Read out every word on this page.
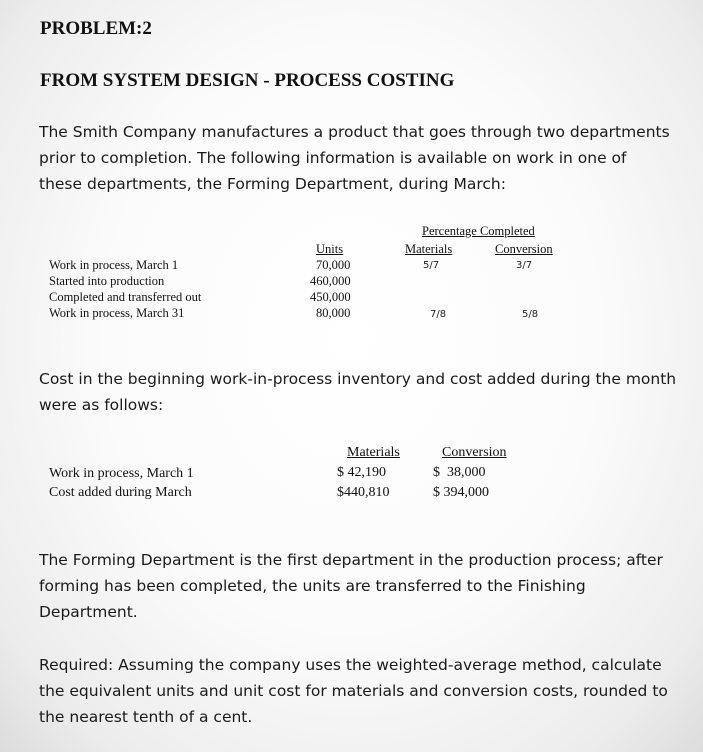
PROBLEM:2
FROM SYSTEM DESIGN - PROCESS COSTING
The Smith Company manufactures a product that goes through two departments
prior to completion. The following information is available on work in one of
these departments, the Forming Department, during March:
Percentage Completed
Units	Materials	Conversion
Work in process, March 1	70,000	5/7	3/7
Started into production	460,000
Completed and transferred out	450,000
Work in process, March 31	80,000	7/8	5/8
Cost in the beginning work-in-process inventory and cost added during the month
were as follows:
Materials	Conversion
Work in process, March 1	$ 42,190	$  38,000
Cost added during March	$440,810	$ 394,000
The Forming Department is the first department in the production process; after
forming has been completed, the units are transferred to the Finishing
Department.
Required: Assuming the company uses the weighted-average method, calculate
the equivalent units and unit cost for materials and conversion costs, rounded to
the nearest tenth of a cent.
